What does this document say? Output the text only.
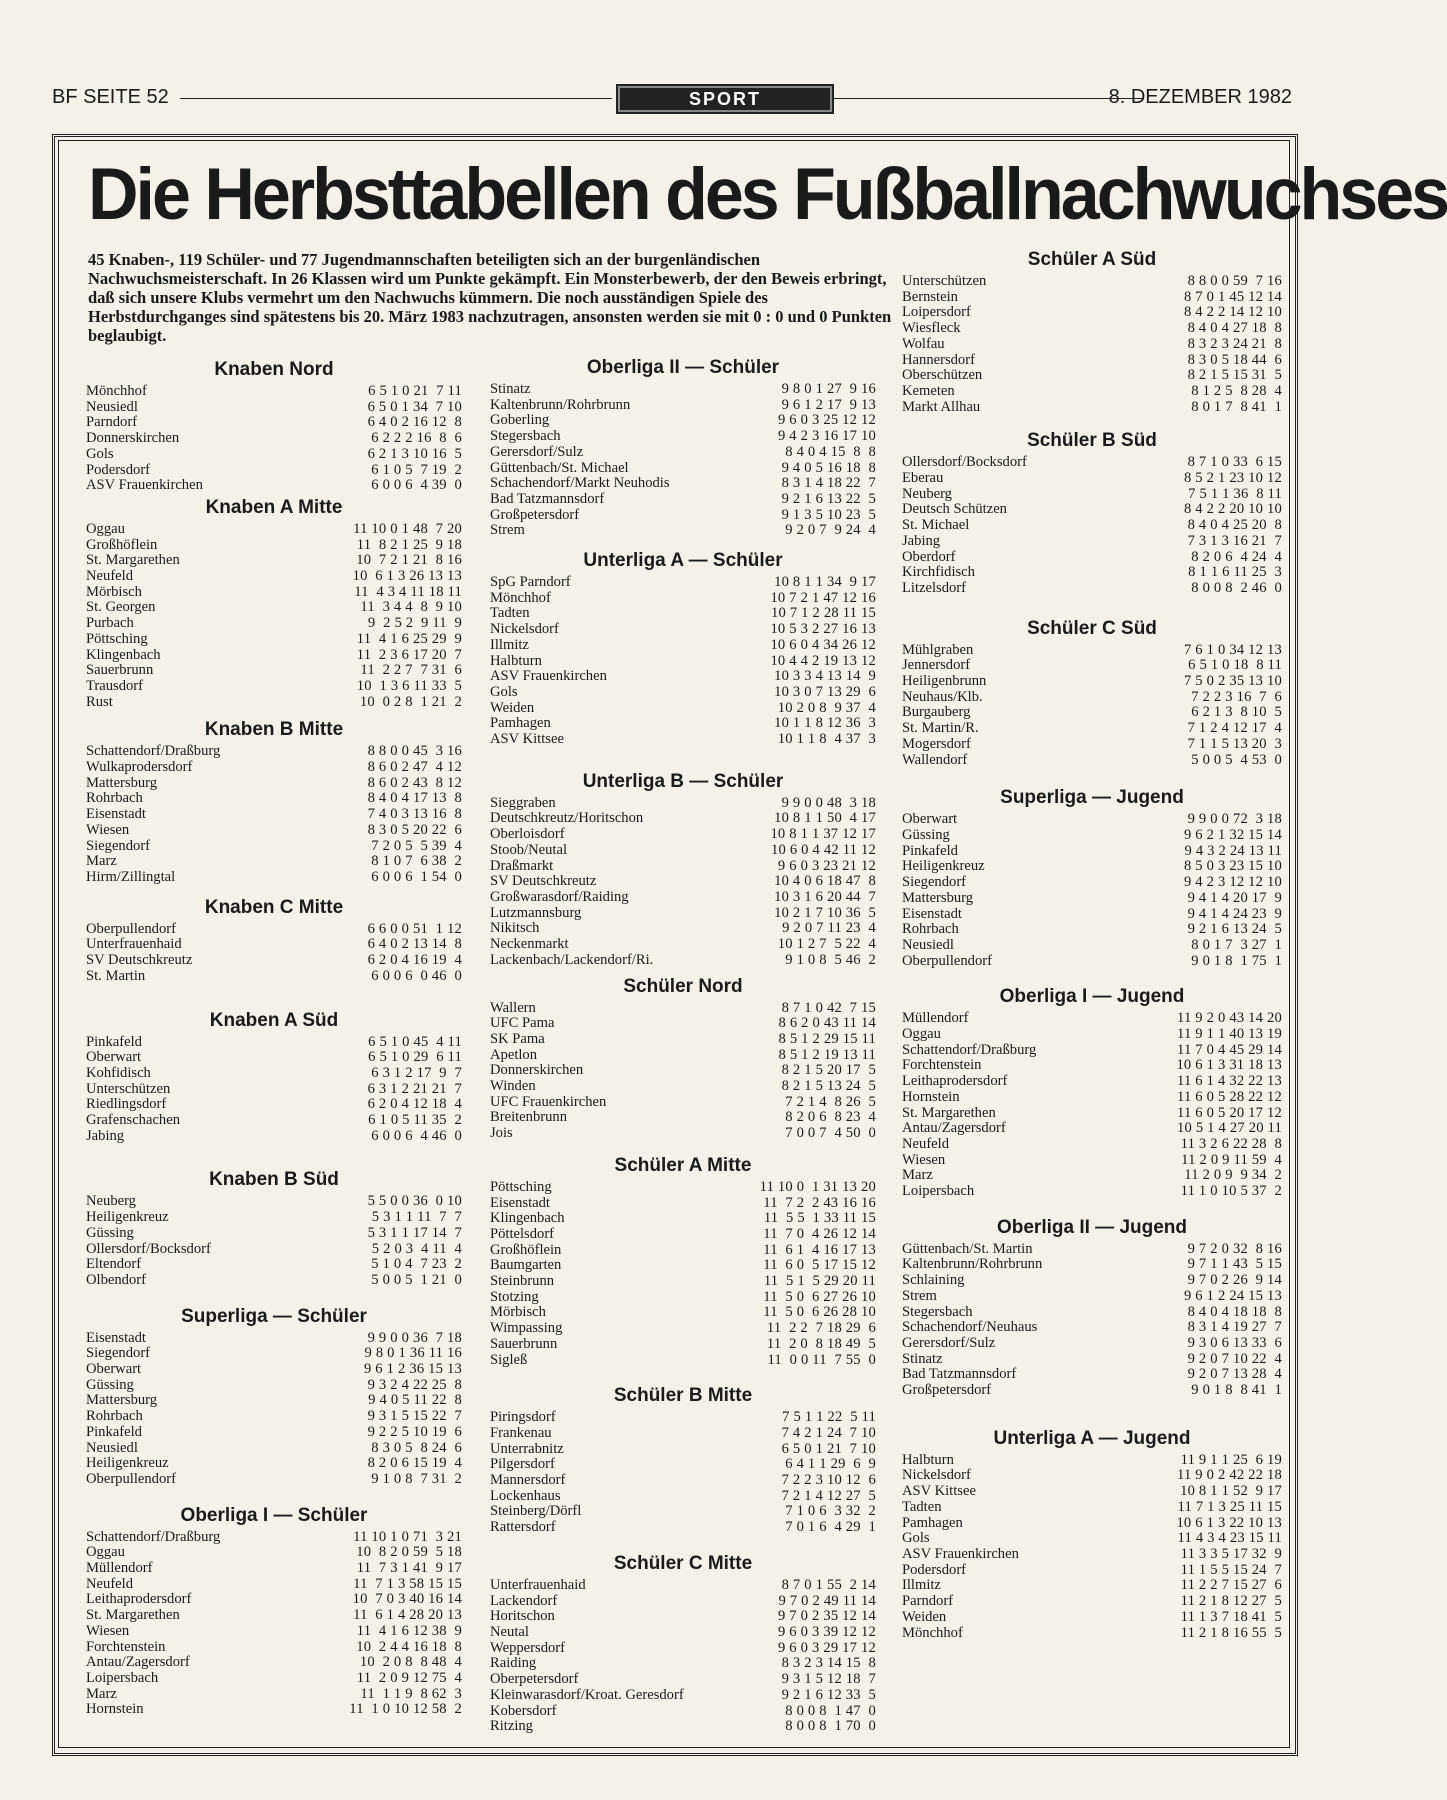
BF SEITE 52	SPORT	8. DEZEMBER 1982
Die Herbsttabellen des Fußballnachwuchses
45 Knaben-, 119 Schüler- und 77 Jugendmannschaften beteiligten sich an der burgenländischen Nachwuchsmeisterschaft. In 26 Klassen wird um Punkte gekämpft. Ein Monsterbewerb, der den Beweis erbringt, daß sich unsere Klubs vermehrt um den Nachwuchs kümmern. Die noch ausständigen Spiele des Herbstdurchganges sind spätestens bis 20. März 1983 nachzutragen, ansonsten werden sie mit 0 : 0 und 0 Punkten beglaubigt.
Knaben Nord
Mönchhof	6 5 1 0 21  7 11
Neusiedl	6 5 0 1 34  7 10
Parndorf	6 4 0 2 16 12  8
Donnerskirchen	6 2 2 2 16  8  6
Gols	6 2 1 3 10 16  5
Podersdorf	6 1 0 5  7 19  2
ASV Frauenkirchen	6 0 0 6  4 39  0
Knaben A Mitte
Oggau	11 10 0 1 48  7 20
Großhöflein	11  8 2 1 25  9 18
St. Margarethen	10  7 2 1 21  8 16
Neufeld	10  6 1 3 26 13 13
Mörbisch	11  4 3 4 11 18 11
St. Georgen	11  3 4 4  8  9 10
Purbach	9  2 5 2  9 11  9
Pöttsching	11  4 1 6 25 29  9
Klingenbach	11  2 3 6 17 20  7
Sauerbrunn	11  2 2 7  7 31  6
Trausdorf	10  1 3 6 11 33  5
Rust	10  0 2 8  1 21  2
Knaben B Mitte
Schattendorf/Draßburg	8 8 0 0 45  3 16
Wulkaprodersdorf	8 6 0 2 47  4 12
Mattersburg	8 6 0 2 43  8 12
Rohrbach	8 4 0 4 17 13  8
Eisenstadt	7 4 0 3 13 16  8
Wiesen	8 3 0 5 20 22  6
Siegendorf	7 2 0 5  5 39  4
Marz	8 1 0 7  6 38  2
Hirm/Zillingtal	6 0 0 6  1 54  0
Knaben C Mitte
Oberpullendorf	6 6 0 0 51  1 12
Unterfrauenhaid	6 4 0 2 13 14  8
SV Deutschkreutz	6 2 0 4 16 19  4
St. Martin	6 0 0 6  0 46  0
Knaben A Süd
Pinkafeld	6 5 1 0 45  4 11
Oberwart	6 5 1 0 29  6 11
Kohfidisch	6 3 1 2 17  9  7
Unterschützen	6 3 1 2 21 21  7
Riedlingsdorf	6 2 0 4 12 18  4
Grafenschachen	6 1 0 5 11 35  2
Jabing	6 0 0 6  4 46  0
Knaben B Süd
Neuberg	5 5 0 0 36  0 10
Heiligenkreuz	5 3 1 1 11  7  7
Güssing	5 3 1 1 17 14  7
Ollersdorf/Bocksdorf	5 2 0 3  4 11  4
Eltendorf	5 1 0 4  7 23  2
Olbendorf	5 0 0 5  1 21  0
Superliga — Schüler
Eisenstadt	9 9 0 0 36  7 18
Siegendorf	9 8 0 1 36 11 16
Oberwart	9 6 1 2 36 15 13
Güssing	9 3 2 4 22 25  8
Mattersburg	9 4 0 5 11 22  8
Rohrbach	9 3 1 5 15 22  7
Pinkafeld	9 2 2 5 10 19  6
Neusiedl	8 3 0 5  8 24  6
Heiligenkreuz	8 2 0 6 15 19  4
Oberpullendorf	9 1 0 8  7 31  2
Oberliga I — Schüler
Schattendorf/Draßburg	11 10 1 0 71  3 21
Oggau	10  8 2 0 59  5 18
Müllendorf	11  7 3 1 41  9 17
Neufeld	11  7 1 3 58 15 15
Leithaprodersdorf	10  7 0 3 40 16 14
St. Margarethen	11  6 1 4 28 20 13
Wiesen	11  4 1 6 12 38  9
Forchtenstein	10  2 4 4 16 18  8
Antau/Zagersdorf	10  2 0 8  8 48  4
Loipersbach	11  2 0 9 12 75  4
Marz	11  1 1 9  8 62  3
Hornstein	11  1 0 10 12 58  2
Oberliga II — Schüler
Stinatz	9 8 0 1 27  9 16
Kaltenbrunn/Rohrbrunn	9 6 1 2 17  9 13
Goberling	9 6 0 3 25 12 12
Stegersbach	9 4 2 3 16 17 10
Gerersdorf/Sulz	8 4 0 4 15  8  8
Güttenbach/St. Michael	9 4 0 5 16 18  8
Schachendorf/Markt Neuhodis	8 3 1 4 18 22  7
Bad Tatzmannsdorf	9 2 1 6 13 22  5
Großpetersdorf	9 1 3 5 10 23  5
Strem	9 2 0 7  9 24  4
Unterliga A — Schüler
SpG Parndorf	10 8 1 1 34  9 17
Mönchhof	10 7 2 1 47 12 16
Tadten	10 7 1 2 28 11 15
Nickelsdorf	10 5 3 2 27 16 13
Illmitz	10 6 0 4 34 26 12
Halbturn	10 4 4 2 19 13 12
ASV Frauenkirchen	10 3 3 4 13 14  9
Gols	10 3 0 7 13 29  6
Weiden	10 2 0 8  9 37  4
Pamhagen	10 1 1 8 12 36  3
ASV Kittsee	10 1 1 8  4 37  3
Unterliga B — Schüler
Sieggraben	9 9 0 0 48  3 18
Deutschkreutz/Horitschon	10 8 1 1 50  4 17
Oberloisdorf	10 8 1 1 37 12 17
Stoob/Neutal	10 6 0 4 42 11 12
Draßmarkt	9 6 0 3 23 21 12
SV Deutschkreutz	10 4 0 6 18 47  8
Großwarasdorf/Raiding	10 3 1 6 20 44  7
Lutzmannsburg	10 2 1 7 10 36  5
Nikitsch	9 2 0 7 11 23  4
Neckenmarkt	10 1 2 7  5 22  4
Lackenbach/Lackendorf/Ri.	9 1 0 8  5 46  2
Schüler Nord
Wallern	8 7 1 0 42  7 15
UFC Pama	8 6 2 0 43 11 14
SK Pama	8 5 1 2 29 15 11
Apetlon	8 5 1 2 19 13 11
Donnerskirchen	8 2 1 5 20 17  5
Winden	8 2 1 5 13 24  5
UFC Frauenkirchen	7 2 1 4  8 26  5
Breitenbrunn	8 2 0 6  8 23  4
Jois	7 0 0 7  4 50  0
Schüler A Mitte
Pöttsching	11 10 0  1 31 13 20
Eisenstadt	11  7 2  2 43 16 16
Klingenbach	11  5 5  1 33 11 15
Pöttelsdorf	11  7 0  4 26 12 14
Großhöflein	11  6 1  4 16 17 13
Baumgarten	11  6 0  5 17 15 12
Steinbrunn	11  5 1  5 29 20 11
Stotzing	11  5 0  6 27 26 10
Mörbisch	11  5 0  6 26 28 10
Wimpassing	11  2 2  7 18 29  6
Sauerbrunn	11  2 0  8 18 49  5
Sigleß	11  0 0 11  7 55  0
Schüler B Mitte
Piringsdorf	7 5 1 1 22  5 11
Frankenau	7 4 2 1 24  7 10
Unterrabnitz	6 5 0 1 21  7 10
Pilgersdorf	6 4 1 1 29  6  9
Mannersdorf	7 2 2 3 10 12  6
Lockenhaus	7 2 1 4 12 27  5
Steinberg/Dörfl	7 1 0 6  3 32  2
Rattersdorf	7 0 1 6  4 29  1
Schüler C Mitte
Unterfrauenhaid	8 7 0 1 55  2 14
Lackendorf	9 7 0 2 49 11 14
Horitschon	9 7 0 2 35 12 14
Neutal	9 6 0 3 39 12 12
Weppersdorf	9 6 0 3 29 17 12
Raiding	8 3 2 3 14 15  8
Oberpetersdorf	9 3 1 5 12 18  7
Kleinwarasdorf/Kroat. Geresdorf	9 2 1 6 12 33  5
Kobersdorf	8 0 0 8  1 47  0
Ritzing	8 0 0 8  1 70  0
Schüler A Süd
Unterschützen	8 8 0 0 59  7 16
Bernstein	8 7 0 1 45 12 14
Loipersdorf	8 4 2 2 14 12 10
Wiesfleck	8 4 0 4 27 18  8
Wolfau	8 3 2 3 24 21  8
Hannersdorf	8 3 0 5 18 44  6
Oberschützen	8 2 1 5 15 31  5
Kemeten	8 1 2 5  8 28  4
Markt Allhau	8 0 1 7  8 41  1
Schüler B Süd
Ollersdorf/Bocksdorf	8 7 1 0 33  6 15
Eberau	8 5 2 1 23 10 12
Neuberg	7 5 1 1 36  8 11
Deutsch Schützen	8 4 2 2 20 10 10
St. Michael	8 4 0 4 25 20  8
Jabing	7 3 1 3 16 21  7
Oberdorf	8 2 0 6  4 24  4
Kirchfidisch	8 1 1 6 11 25  3
Litzelsdorf	8 0 0 8  2 46  0
Schüler C Süd
Mühlgraben	7 6 1 0 34 12 13
Jennersdorf	6 5 1 0 18  8 11
Heiligenbrunn	7 5 0 2 35 13 10
Neuhaus/Klb.	7 2 2 3 16  7  6
Burgauberg	6 2 1 3  8 10  5
St. Martin/R.	7 1 2 4 12 17  4
Mogersdorf	7 1 1 5 13 20  3
Wallendorf	5 0 0 5  4 53  0
Superliga — Jugend
Oberwart	9 9 0 0 72  3 18
Güssing	9 6 2 1 32 15 14
Pinkafeld	9 4 3 2 24 13 11
Heiligenkreuz	8 5 0 3 23 15 10
Siegendorf	9 4 2 3 12 12 10
Mattersburg	9 4 1 4 20 17  9
Eisenstadt	9 4 1 4 24 23  9
Rohrbach	9 2 1 6 13 24  5
Neusiedl	8 0 1 7  3 27  1
Oberpullendorf	9 0 1 8  1 75  1
Oberliga I — Jugend
Müllendorf	11 9 2 0 43 14 20
Oggau	11 9 1 1 40 13 19
Schattendorf/Draßburg	11 7 0 4 45 29 14
Forchtenstein	10 6 1 3 31 18 13
Leithaprodersdorf	11 6 1 4 32 22 13
Hornstein	11 6 0 5 28 22 12
St. Margarethen	11 6 0 5 20 17 12
Antau/Zagersdorf	10 5 1 4 27 20 11
Neufeld	11 3 2 6 22 28  8
Wiesen	11 2 0 9 11 59  4
Marz	11 2 0 9  9 34  2
Loipersbach	11 1 0 10 5 37  2
Oberliga II — Jugend
Güttenbach/St. Martin	9 7 2 0 32  8 16
Kaltenbrunn/Rohrbrunn	9 7 1 1 43  5 15
Schlaining	9 7 0 2 26  9 14
Strem	9 6 1 2 24 15 13
Stegersbach	8 4 0 4 18 18  8
Schachendorf/Neuhaus	8 3 1 4 19 27  7
Gerersdorf/Sulz	9 3 0 6 13 33  6
Stinatz	9 2 0 7 10 22  4
Bad Tatzmannsdorf	9 2 0 7 13 28  4
Großpetersdorf	9 0 1 8  8 41  1
Unterliga A — Jugend
Halbturn	11 9 1 1 25  6 19
Nickelsdorf	11 9 0 2 42 22 18
ASV Kittsee	10 8 1 1 52  9 17
Tadten	11 7 1 3 25 11 15
Pamhagen	10 6 1 3 22 10 13
Gols	11 4 3 4 23 15 11
ASV Frauenkirchen	11 3 3 5 17 32  9
Podersdorf	11 1 5 5 15 24  7
Illmitz	11 2 2 7 15 27  6
Parndorf	11 2 1 8 12 27  5
Weiden	11 1 3 7 18 41  5
Mönchhof	11 2 1 8 16 55  5
